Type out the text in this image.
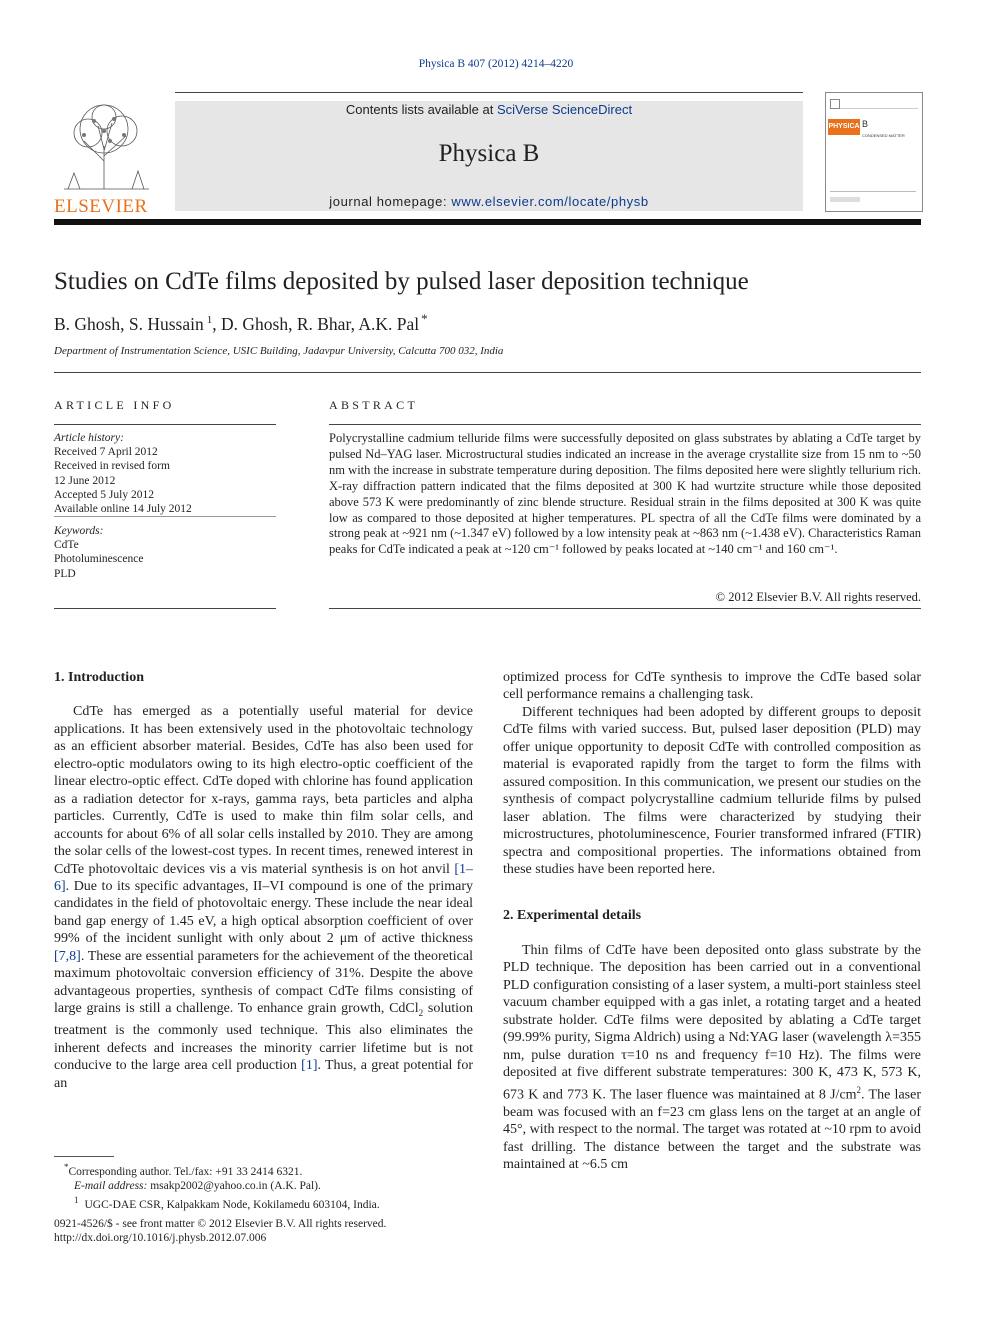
Physica B 407 (2012) 4214–4220
ELSEVIER
Contents lists available at SciVerse ScienceDirect
Physica B
journal homepage: www.elsevier.com/locate/physb
PHYSICA B
CONDENSED MATTER
Studies on CdTe films deposited by pulsed laser deposition technique
B. Ghosh, S. Hussain $^1$, D. Ghosh, R. Bhar, A.K. Pal *
Department of Instrumentation Science, USIC Building, Jadavpur University, Calcutta 700 032, India
ARTICLE INFO
Article history:
Received 7 April 2012
Received in revised form
12 June 2012
Accepted 5 July 2012
Available online 14 July 2012
Keywords:
CdTe
Photoluminescence
PLD
ABSTRACT
Polycrystalline cadmium telluride films were successfully deposited on glass substrates by ablating a CdTe target by pulsed Nd–YAG laser. Microstructural studies indicated an increase in the average crystallite size from 15 nm to ~50 nm with the increase in substrate temperature during deposition. The films deposited here were slightly tellurium rich. X-ray diffraction pattern indicated that the films deposited at 300 K had wurtzite structure while those deposited above 573 K were predominantly of zinc blende structure. Residual strain in the films deposited at 300 K was quite low as compared to those deposited at higher temperatures. PL spectra of all the CdTe films were dominated by a strong peak at ~921 nm (~1.347 eV) followed by a low intensity peak at ~863 nm (~1.438 eV). Characteristics Raman peaks for CdTe indicated a peak at ~120 cm⁻¹ followed by peaks located at ~140 cm⁻¹ and 160 cm⁻¹.
© 2012 Elsevier B.V. All rights reserved.
1. Introduction

CdTe has emerged as a potentially useful material for device applications. It has been extensively used in the photovoltaic technology as an efficient absorber material. Besides, CdTe has also been used for electro-optic modulators owing to its high electro-optic coefficient of the linear electro-optic effect. CdTe doped with chlorine has found application as a radiation detector for x-rays, gamma rays, beta particles and alpha particles. Currently, CdTe is used to make thin film solar cells, and accounts for about 6% of all solar cells installed by 2010. They are among the solar cells of the lowest-cost types. In recent times, renewed interest in CdTe photovoltaic devices vis a vis material synthesis is on hot anvil [1–6]. Due to its specific advantages, II–VI compound is one of the primary candidates in the field of photovoltaic energy. These include the near ideal band gap energy of 1.45 eV, a high optical absorption coefficient of over 99% of the incident sunlight with only about 2 μm of active thickness [7,8]. These are essential parameters for the achievement of the theoretical maximum photovoltaic conversion efficiency of 31%. Despite the above advantageous properties, synthesis of compact CdTe films consisting of large grains is still a challenge. To enhance grain growth, CdCl$_2$ solution treatment is the commonly used technique. This also eliminates the inherent defects and increases the minority carrier lifetime but is not conducive to the large area cell production [1]. Thus, a great potential for an

*Corresponding author. Tel./fax: +91 33 2414 6321.
E-mail address: msakp2002@yahoo.co.in (A.K. Pal).
$^1$ UGC-DAE CSR, Kalpakkam Node, Kokilamedu 603104, India.
0921-4526/$ - see front matter © 2012 Elsevier B.V. All rights reserved.
http://dx.doi.org/10.1016/j.physb.2012.07.006

optimized process for CdTe synthesis to improve the CdTe based solar cell performance remains a challenging task.

Different techniques had been adopted by different groups to deposit CdTe films with varied success. But, pulsed laser deposition (PLD) may offer unique opportunity to deposit CdTe with controlled composition as material is evaporated rapidly from the target to form the films with assured composition. In this communication, we present our studies on the synthesis of compact polycrystalline cadmium telluride films by pulsed laser ablation. The films were characterized by studying their microstructures, photoluminescence, Fourier transformed infrared (FTIR) spectra and compositional properties. The informations obtained from these studies have been reported here.

2. Experimental details

Thin films of CdTe have been deposited onto glass substrate by the PLD technique. The deposition has been carried out in a conventional PLD configuration consisting of a laser system, a multi-port stainless steel vacuum chamber equipped with a gas inlet, a rotating target and a heated substrate holder. CdTe films were deposited by ablating a CdTe target (99.99% purity, Sigma Aldrich) using a Nd:YAG laser (wavelength λ=355 nm, pulse duration τ=10 ns and frequency f=10 Hz). The films were deposited at five different substrate temperatures: 300 K, 473 K, 573 K, 673 K and 773 K. The laser fluence was maintained at 8 $J/cm^2$. The laser beam was focused with an f=23 cm glass lens on the target at an angle of 45°, with respect to the normal. The target was rotated at ~10 rpm to avoid fast drilling. The distance between the target and the substrate was maintained at ~6.5 cm
